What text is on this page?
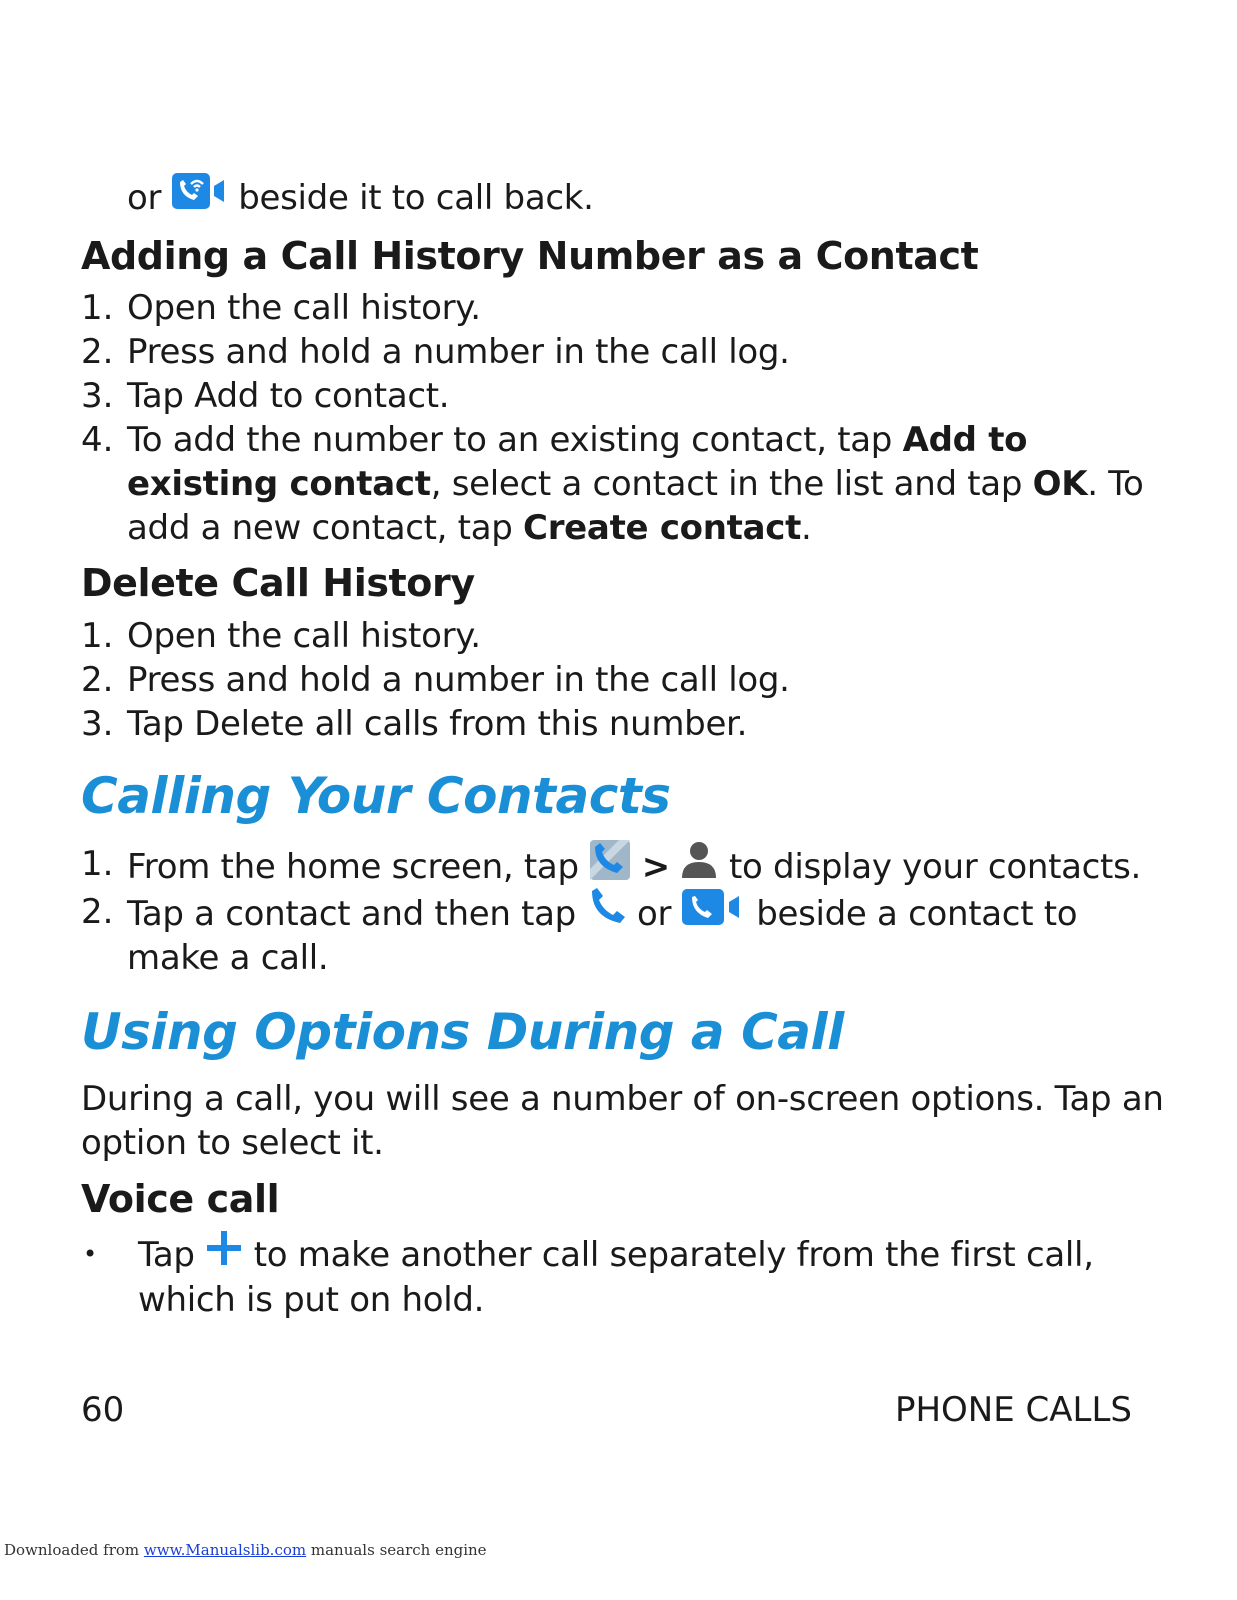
or beside it to call back.
Adding a Call History Number as a Contact
1. Open the call history.
2. Press and hold a number in the call log.
3. Tap Add to contact.
4. To add the number to an existing contact, tap Add to
existing contact, select a contact in the list and tap OK. To
add a new contact, tap Create contact.
Delete Call History
1. Open the call history.
2. Press and hold a number in the call log.
3. Tap Delete all calls from this number.
Calling Your Contacts
1. From the home screen, tap > to display your contacts.
2. Tap a contact and then tap or	beside a contact to
make a call.
Using Options During a Call
During a call, you will see a number of on-screen options. Tap an
option to select it.
Voice call
• Tap to make another call separately from the first call,
which is put on hold.
60	PHONE CALLS
Downloaded from www.Manualslib.com manuals search engine
